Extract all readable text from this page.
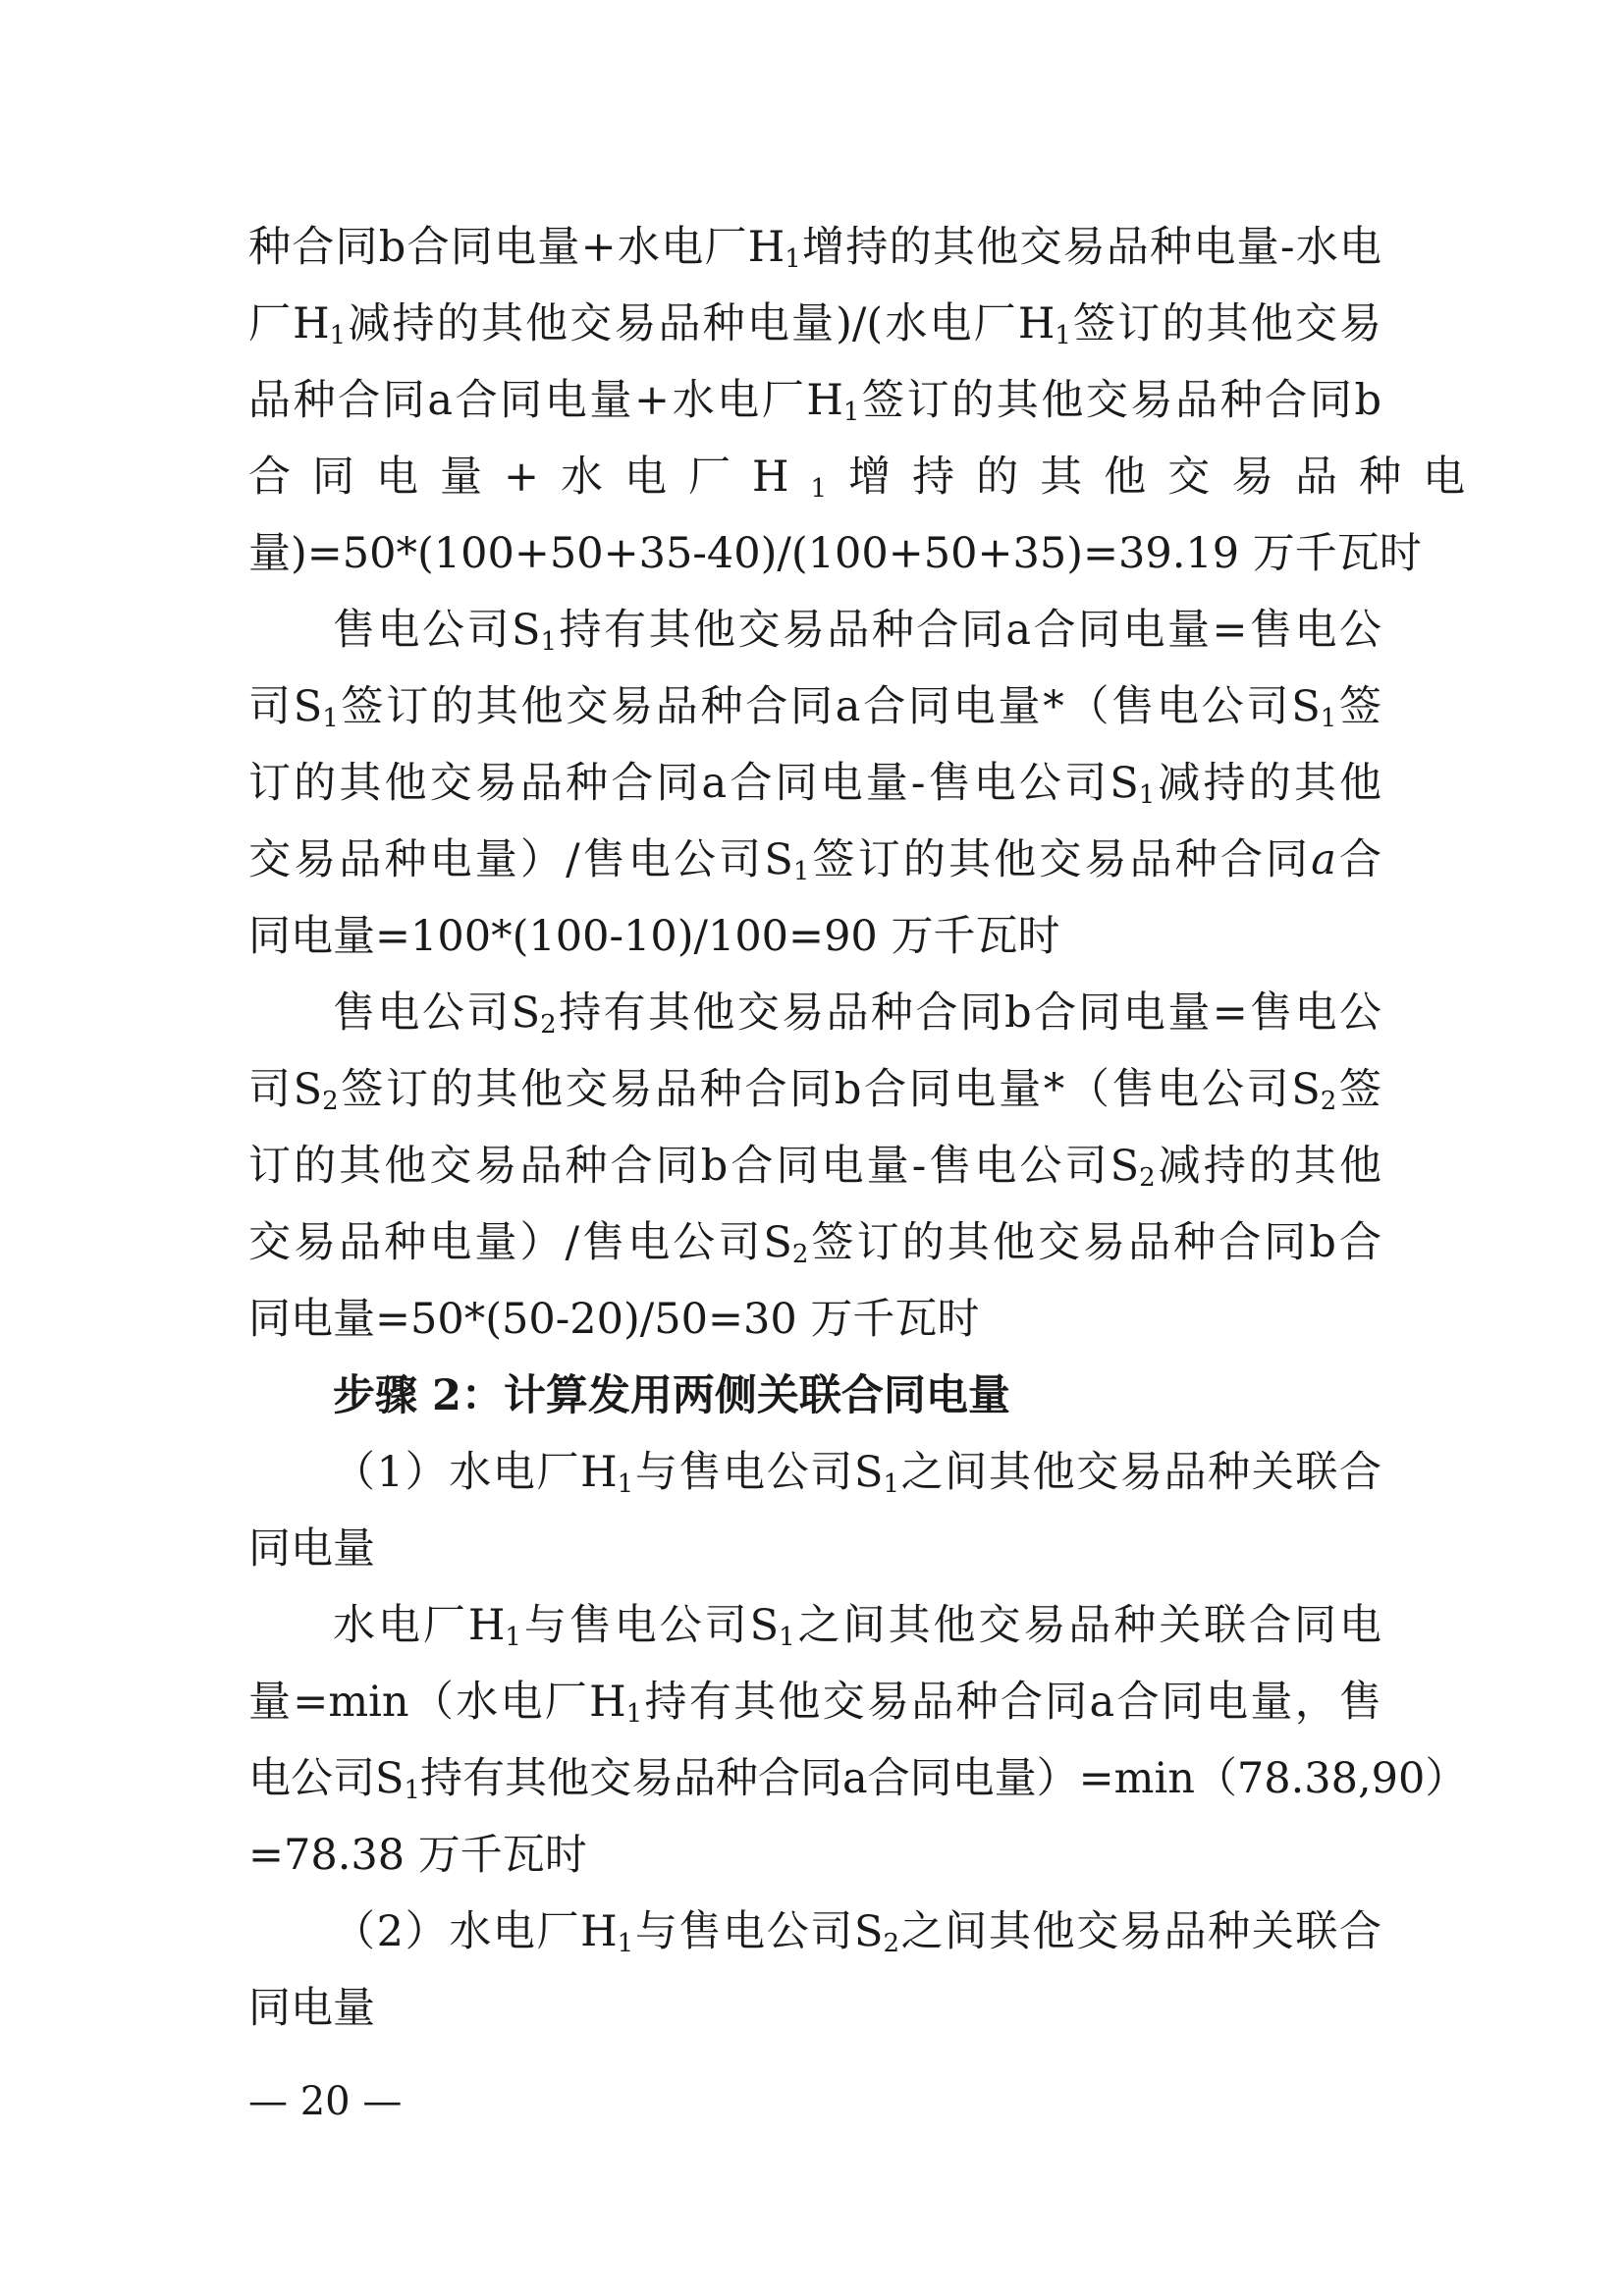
种合同b合同电量+水电厂$H_1$增持的其他交易品种电量-水电
厂$H_1$减持的其他交易品种电量)/(水电厂$H_1$签订的其他交易
品种合同a合同电量+水电厂$H_1$签订的其他交易品种合同b
合同电量+水电厂$H_1$增持的其他交易品种电
量)=50*(100+50+35-40)/(100+50+35)=39.19 万千瓦时
售电公司$S_1$持有其他交易品种合同a合同电量=售电公
司$S_1$签订的其他交易品种合同a合同电量*（售电公司$S_1$签
订的其他交易品种合同a合同电量-售电公司$S_1$减持的其他
交易品种电量）/售电公司$S_1$签订的其他交易品种合同a合
同电量=100*(100-10)/100=90 万千瓦时
售电公司$S_2$持有其他交易品种合同b合同电量=售电公
司$S_2$签订的其他交易品种合同b合同电量*（售电公司$S_2$签
订的其他交易品种合同b合同电量-售电公司$S_2$减持的其他
交易品种电量）/售电公司$S_2$签订的其他交易品种合同b合
同电量=50*(50-20)/50=30 万千瓦时
步骤 2：计算发用两侧关联合同电量
（1）水电厂$H_1$与售电公司$S_1$之间其他交易品种关联合
同电量
水电厂$H_1$与售电公司$S_1$之间其他交易品种关联合同电
量=min（水电厂$H_1$持有其他交易品种合同a合同电量，售
电公司$S_1$持有其他交易品种合同a合同电量）=min（78.38,90）
=78.38 万千瓦时
（2）水电厂$H_1$与售电公司$S_2$之间其他交易品种关联合
同电量
— 20 —
